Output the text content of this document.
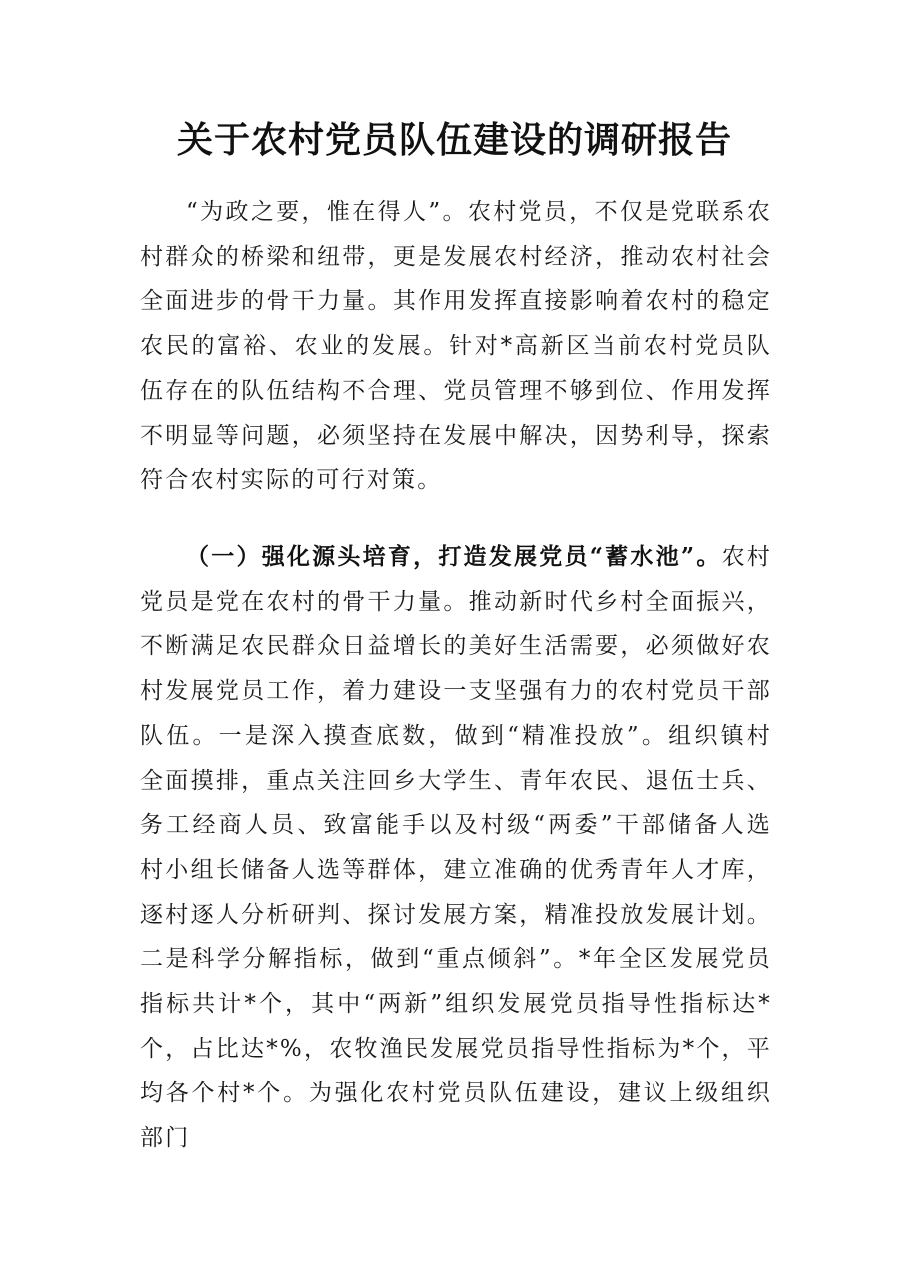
关于农村党员队伍建设的调研报告

“为政之要，惟在得人”。农村党员，不仅是党联系农村群众的桥梁和纽带，更是发展农村经济，推动农村社会全面进步的骨干力量。其作用发挥直接影响着农村的稳定农民的富裕、农业的发展。针对*高新区当前农村党员队伍存在的队伍结构不合理、党员管理不够到位、作用发挥不明显等问题，必须坚持在发展中解决，因势利导，探索符合农村实际的可行对策。

（一）强化源头培育，打造发展党员“蓄水池”。农村党员是党在农村的骨干力量。推动新时代乡村全面振兴，不断满足农民群众日益增长的美好生活需要，必须做好农村发展党员工作，着力建设一支坚强有力的农村党员干部队伍。一是深入摸查底数，做到“精准投放”。组织镇村全面摸排，重点关注回乡大学生、青年农民、退伍士兵、务工经商人员、致富能手以及村级“两委”干部储备人选村小组长储备人选等群体，建立准确的优秀青年人才库，逐村逐人分析研判、探讨发展方案，精准投放发展计划。二是科学分解指标，做到“重点倾斜”。*年全区发展党员指标共计*个，其中“两新”组织发展党员指导性指标达*个，占比达*%，农牧渔民发展党员指导性指标为*个，平均各个村*个。为强化农村党员队伍建设，建议上级组织部门
